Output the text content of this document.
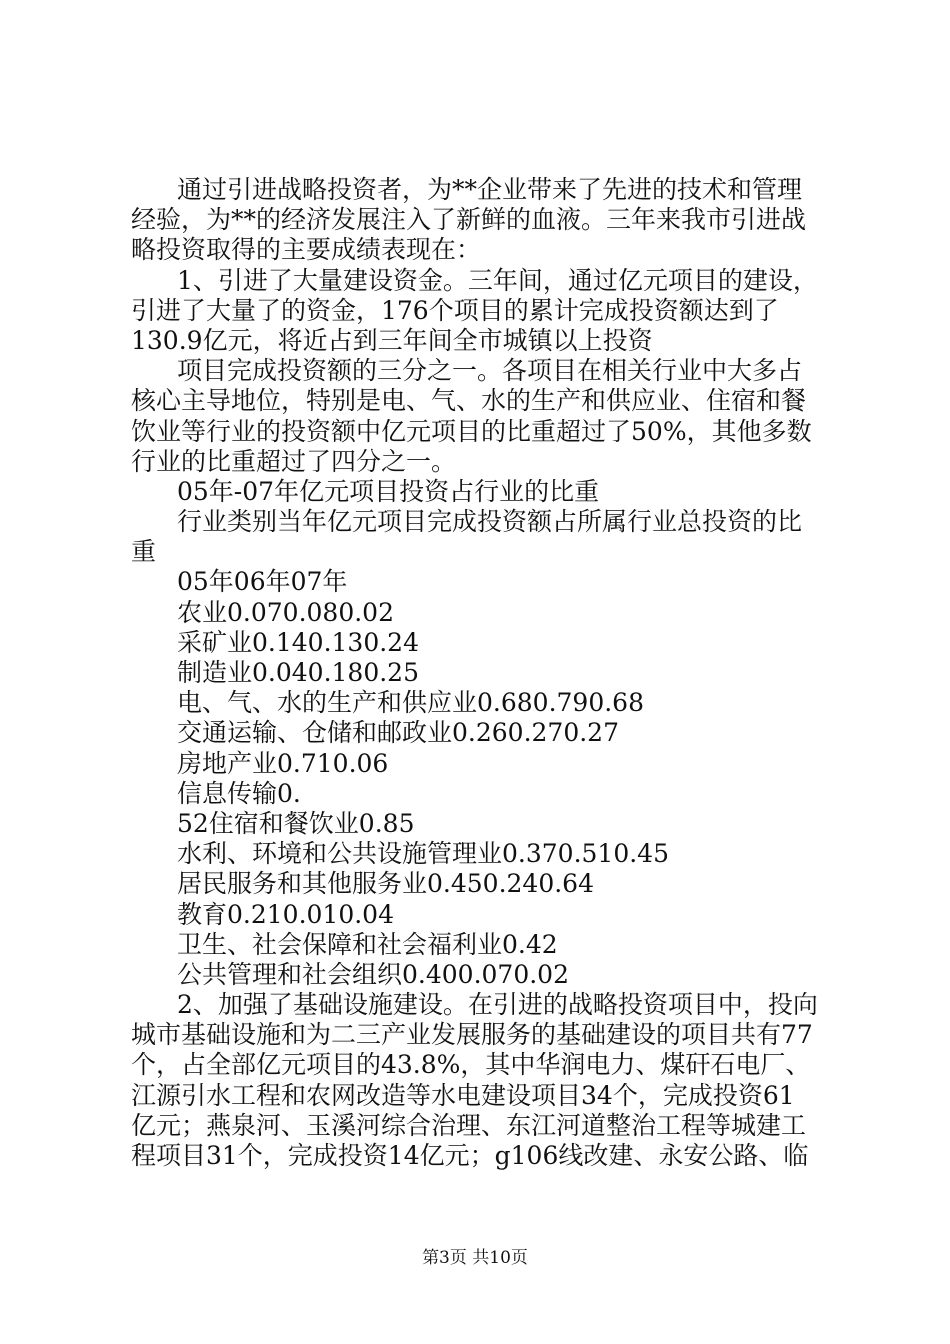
通过引进战略投资者，为**企业带来了先进的技术和管理
经验，为**的经济发展注入了新鲜的血液。三年来我市引进战
略投资取得的主要成绩表现在：
1、引进了大量建设资金。三年间，通过亿元项目的建设，
引进了大量了的资金，176个项目的累计完成投资额达到了
130.9亿元，将近占到三年间全市城镇以上投资
项目完成投资额的三分之一。各项目在相关行业中大多占
核心主导地位，特别是电、气、水的生产和供应业、住宿和餐
饮业等行业的投资额中亿元项目的比重超过了50%，其他多数
行业的比重超过了四分之一。
05年-07年亿元项目投资占行业的比重
行业类别当年亿元项目完成投资额占所属行业总投资的比
重
05年06年07年
农业0.070.080.02
采矿业0.140.130.24
制造业0.040.180.25
电、气、水的生产和供应业0.680.790.68
交通运输、仓储和邮政业0.260.270.27
房地产业0.710.06
信息传输0.
52住宿和餐饮业0.85
水利、环境和公共设施管理业0.370.510.45
居民服务和其他服务业0.450.240.64
教育0.210.010.04
卫生、社会保障和社会福利业0.42
公共管理和社会组织0.400.070.02
2、加强了基础设施建设。在引进的战略投资项目中，投向
城市基础设施和为二三产业发展服务的基础建设的项目共有77
个，占全部亿元项目的43.8%，其中华润电力、煤矸石电厂、
江源引水工程和农网改造等水电建设项目34个，完成投资61
亿元；燕泉河、玉溪河综合治理、东江河道整治工程等城建工
程项目31个，完成投资14亿元；g106线改建、永安公路、临
第3页 共10页
